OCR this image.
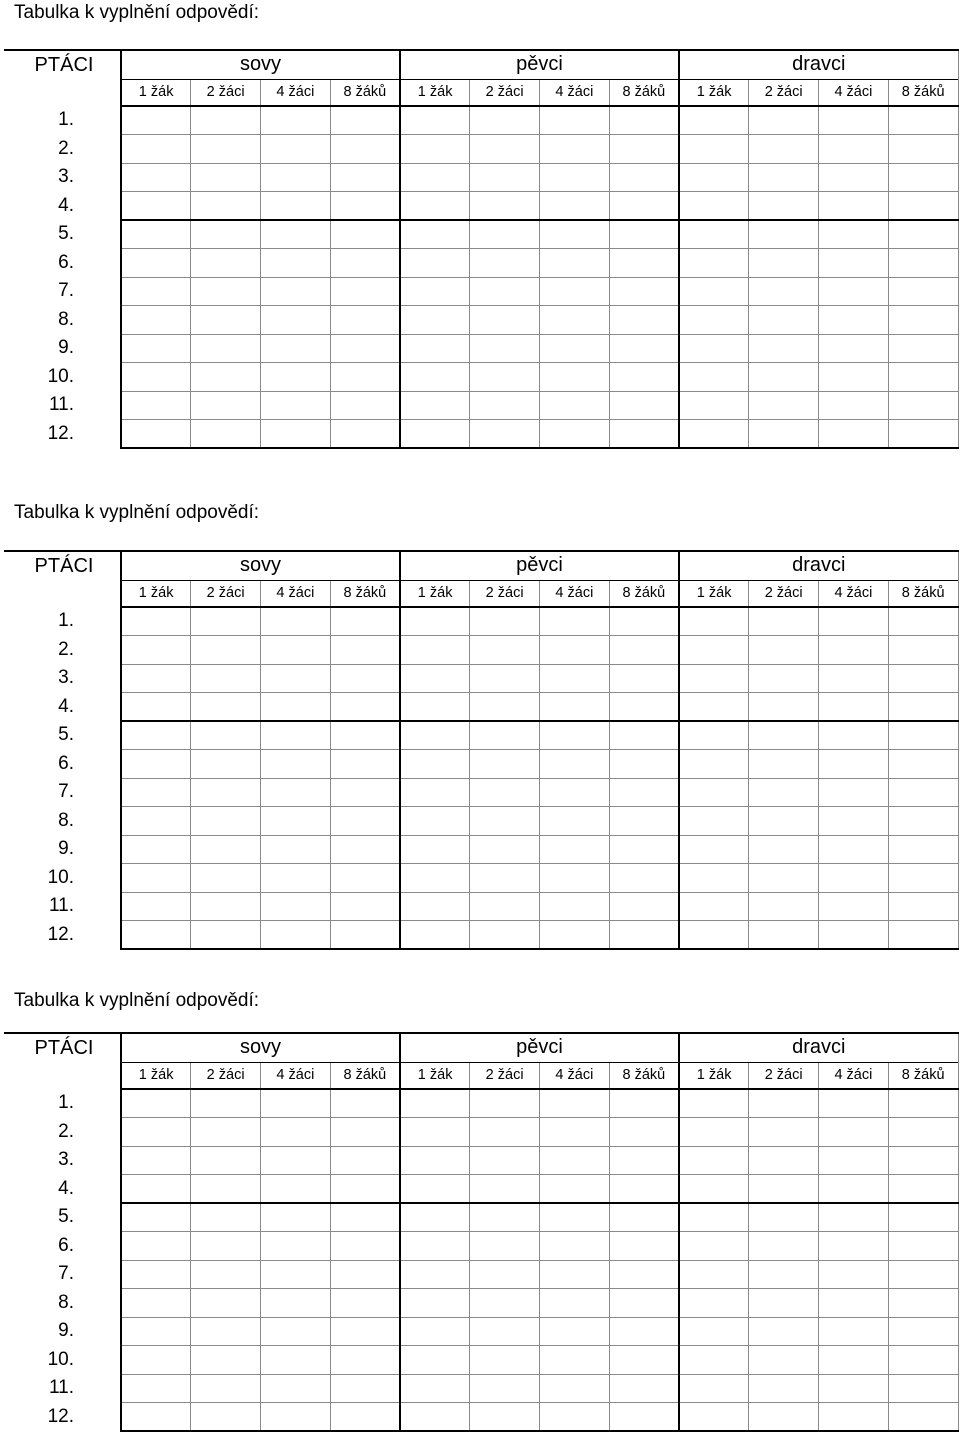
Tabulka k vyplnění odpovědí:
PTÁCI	sovy				pěvci				dravci			
	1 žák	2 žáci	4 žáci	8 žáků	1 žák	2 žáci	4 žáci	8 žáků	1 žák	2 žáci	4 žáci	8 žáků
1.												
2.												
3.												
4.												
5.												
6.												
7.												
8.												
9.												
10.												
11.												
12.												

Tabulka k vyplnění odpovědí:
PTÁCI	sovy				pěvci				dravci			
	1 žák	2 žáci	4 žáci	8 žáků	1 žák	2 žáci	4 žáci	8 žáků	1 žák	2 žáci	4 žáci	8 žáků
1.												
2.												
3.												
4.												
5.												
6.												
7.												
8.												
9.												
10.												
11.												
12.												

Tabulka k vyplnění odpovědí:
PTÁCI	sovy				pěvci				dravci			
	1 žák	2 žáci	4 žáci	8 žáků	1 žák	2 žáci	4 žáci	8 žáků	1 žák	2 žáci	4 žáci	8 žáků
1.												
2.												
3.												
4.												
5.												
6.												
7.												
8.												
9.												
10.												
11.												
12.												
